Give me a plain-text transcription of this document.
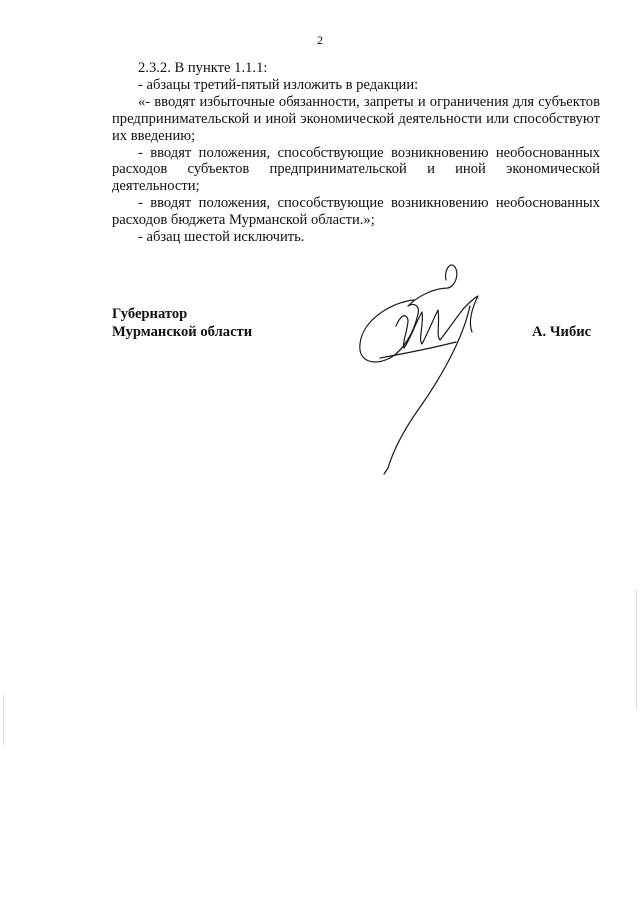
2

2.3.2. В пункте 1.1.1:

- абзацы третий-пятый изложить в редакции:

«- вводят избыточные обязанности, запреты и ограничения для субъектов предпринимательской и иной экономической деятельности или способствуют их введению;

- вводят положения, способствующие возникновению необоснованных расходов субъектов предпринимательской и иной экономической деятельности;

- вводят положения, способствующие возникновению необоснованных расходов бюджета Мурманской области.»;

- абзац шестой исключить.

Губернатор
Мурманской области	А. Чибис
